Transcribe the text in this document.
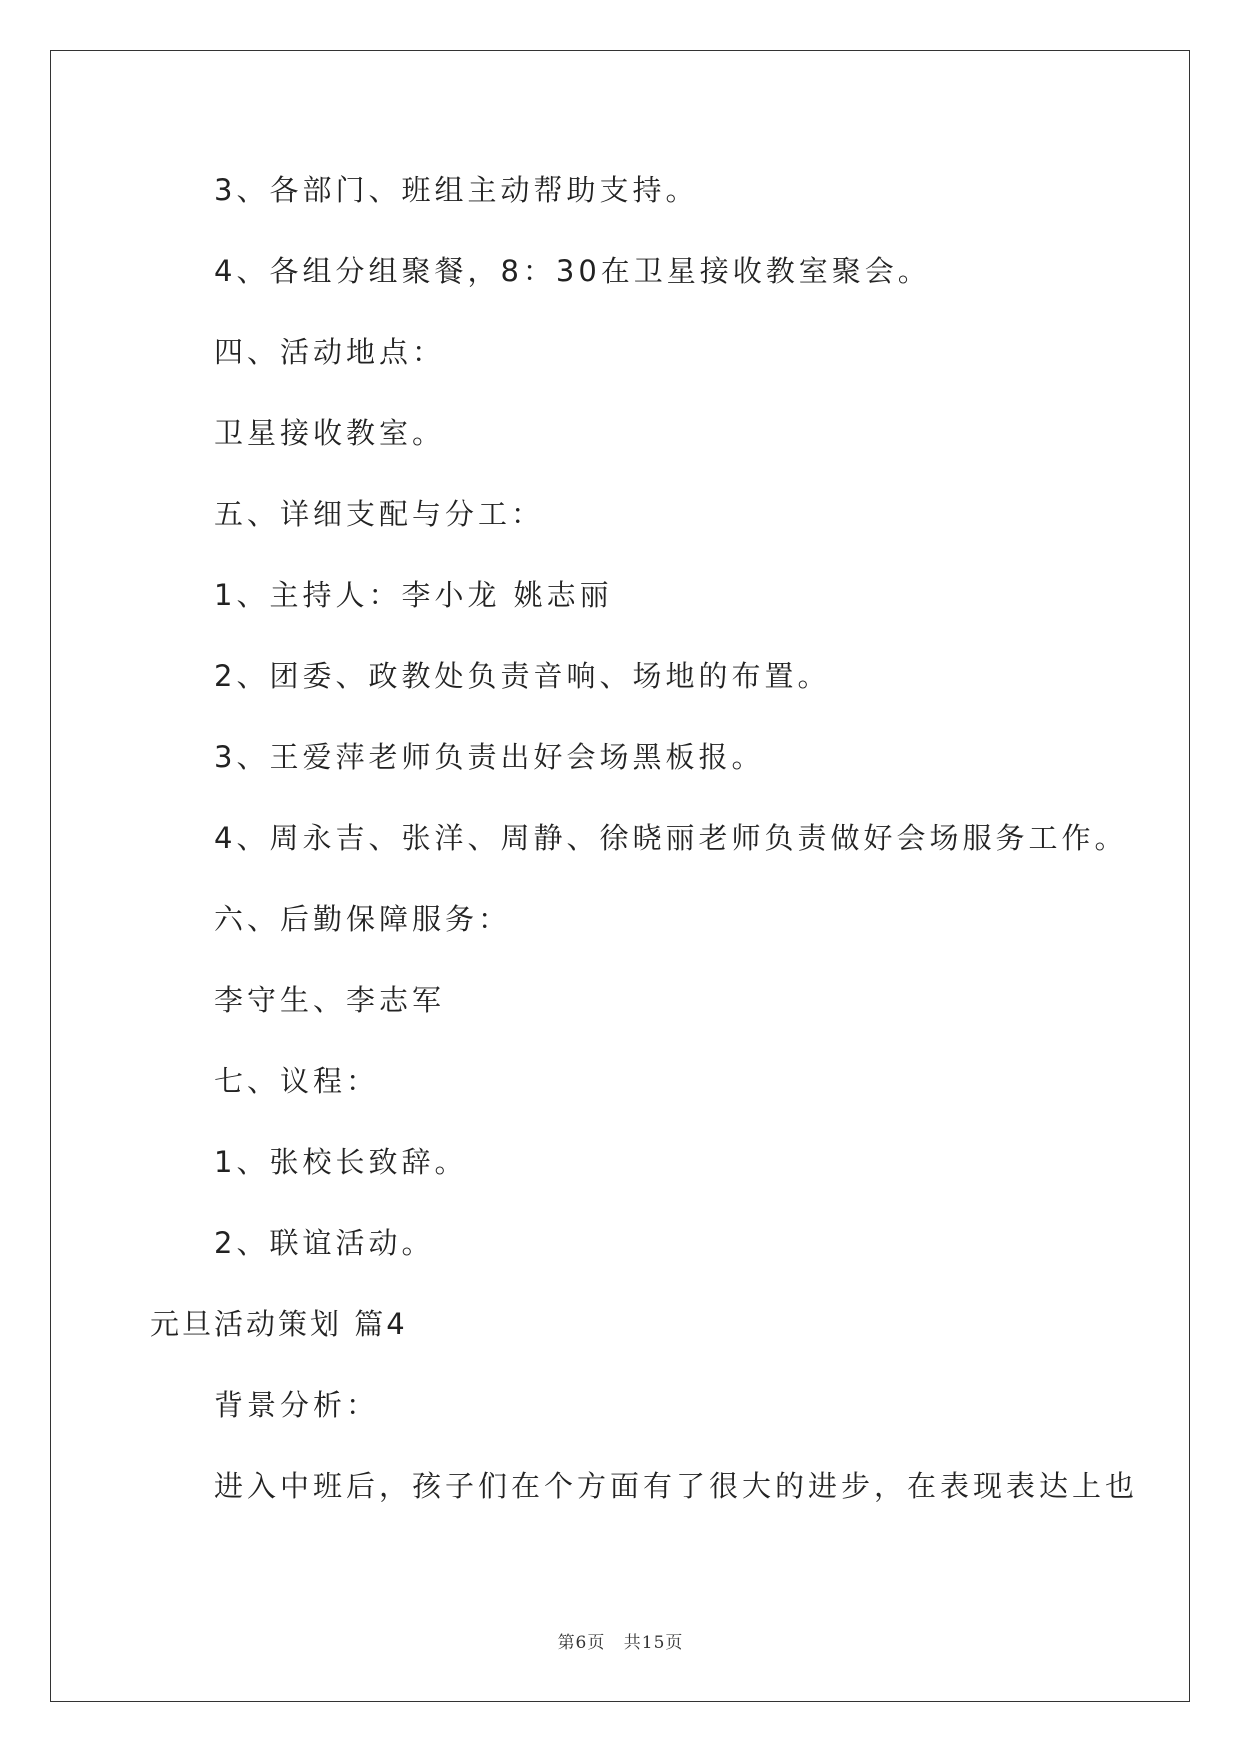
3、各部门、班组主动帮助支持。
4、各组分组聚餐，8：30在卫星接收教室聚会。
四、活动地点：
卫星接收教室。
五、详细支配与分工：
1、主持人：李小龙 姚志丽
2、团委、政教处负责音响、场地的布置。
3、王爱萍老师负责出好会场黑板报。
4、周永吉、张洋、周静、徐晓丽老师负责做好会场服务工作。
六、后勤保障服务：
李守生、李志军
七、议程：
1、张校长致辞。
2、联谊活动。
元旦活动策划 篇4
背景分析：
进入中班后，孩子们在个方面有了很大的进步，在表现表达上也
第6页 共15页
